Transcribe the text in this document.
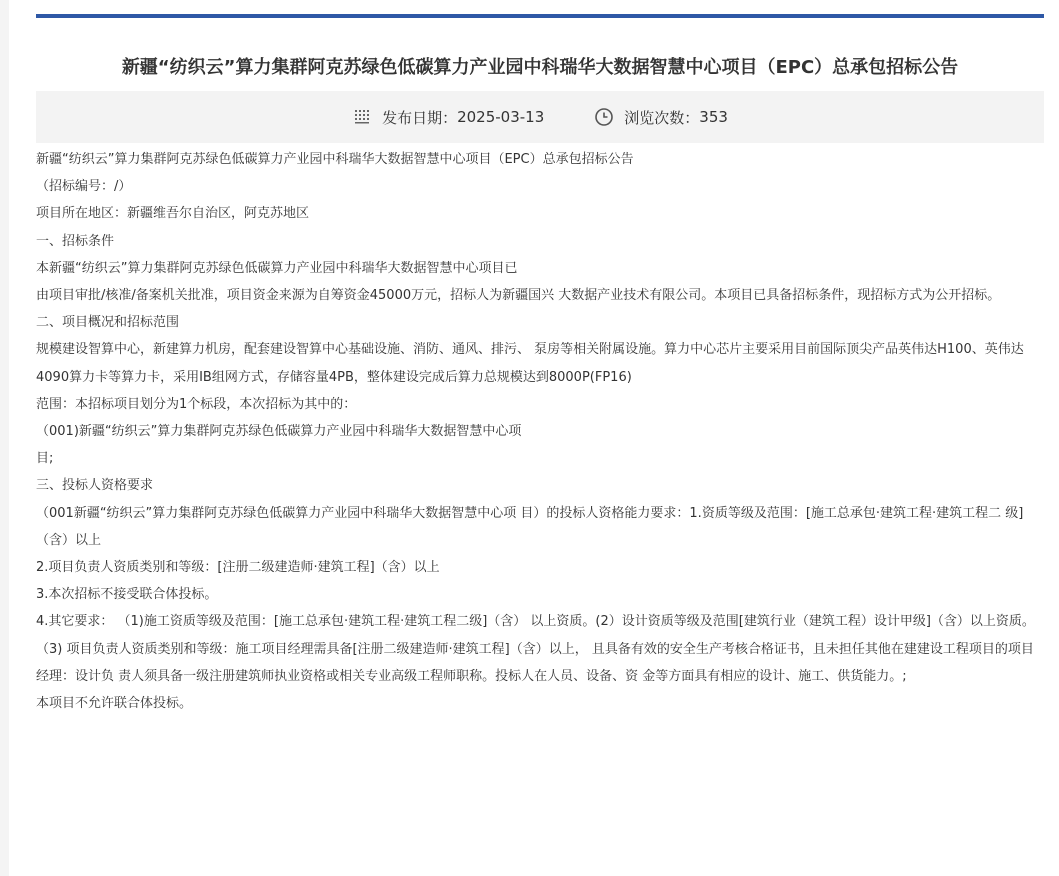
新疆“纺织云”算力集群阿克苏绿色低碳算力产业园中科瑞华大数据智慧中心项目（EPC）总承包招标公告
发布日期： 2025-03-13	浏览次数： 353

新疆“纺织云”算力集群阿克苏绿色低碳算力产业园中科瑞华大数据智慧中心项目（EPC）总承包招标公告

（招标编号：/）

项目所在地区：新疆维吾尔自治区，阿克苏地区

一、招标条件

本新疆“纺织云”算力集群阿克苏绿色低碳算力产业园中科瑞华大数据智慧中心项目已

由项目审批/核准/备案机关批准，项目资金来源为自筹资金45000万元，招标人为新疆国兴 大数据产业技术有限公司。本项目已具备招标条件，现招标方式为公开招标。

二、项目概况和招标范围

规模建设智算中心，新建算力机房，配套建设智算中心基础设施、消防、通风、排污、 泵房等相关附属设施。算力中心芯片主要采用目前国际顶尖产品英伟达H100、英伟达4090算力卡等算力卡，采用IB组网方式，存储容量4PB，整体建设完成后算力总规模达到8000P(FP16)

范围：本招标项目划分为1个标段，本次招标为其中的：

（001)新疆“纺织云”算力集群阿克苏绿色低碳算力产业园中科瑞华大数据智慧中心项

目;

三、投标人资格要求

（001新疆“纺织云”算力集群阿克苏绿色低碳算力产业园中科瑞华大数据智慧中心项 目）的投标人资格能力要求：1.资质等级及范围：[施工总承包·建筑工程·建筑工程二 级]（含）以上

2.项目负责人资质类别和等级：[注册二级建造师·建筑工程]（含）以上

3.本次招标不接受联合体投标。

4.其它要求： （1)施工资质等级及范围：[施工总承包·建筑工程·建筑工程二级]（含） 以上资质。(2）设计资质等级及范围[建筑行业（建筑工程）设计甲级]（含）以上资质。 （3) 项目负责人资质类别和等级：施工项目经理需具备[注册二级建造师·建筑工程]（含）以上， 且具备有效的安全生产考核合格证书，且未担任其他在建建设工程项目的项目经理：设计负 责人须具备一级注册建筑师执业资格或相关专业高级工程师职称。投标人在人员、设备、资 金等方面具有相应的设计、施工、供货能力。;

本项目不允许联合体投标。
